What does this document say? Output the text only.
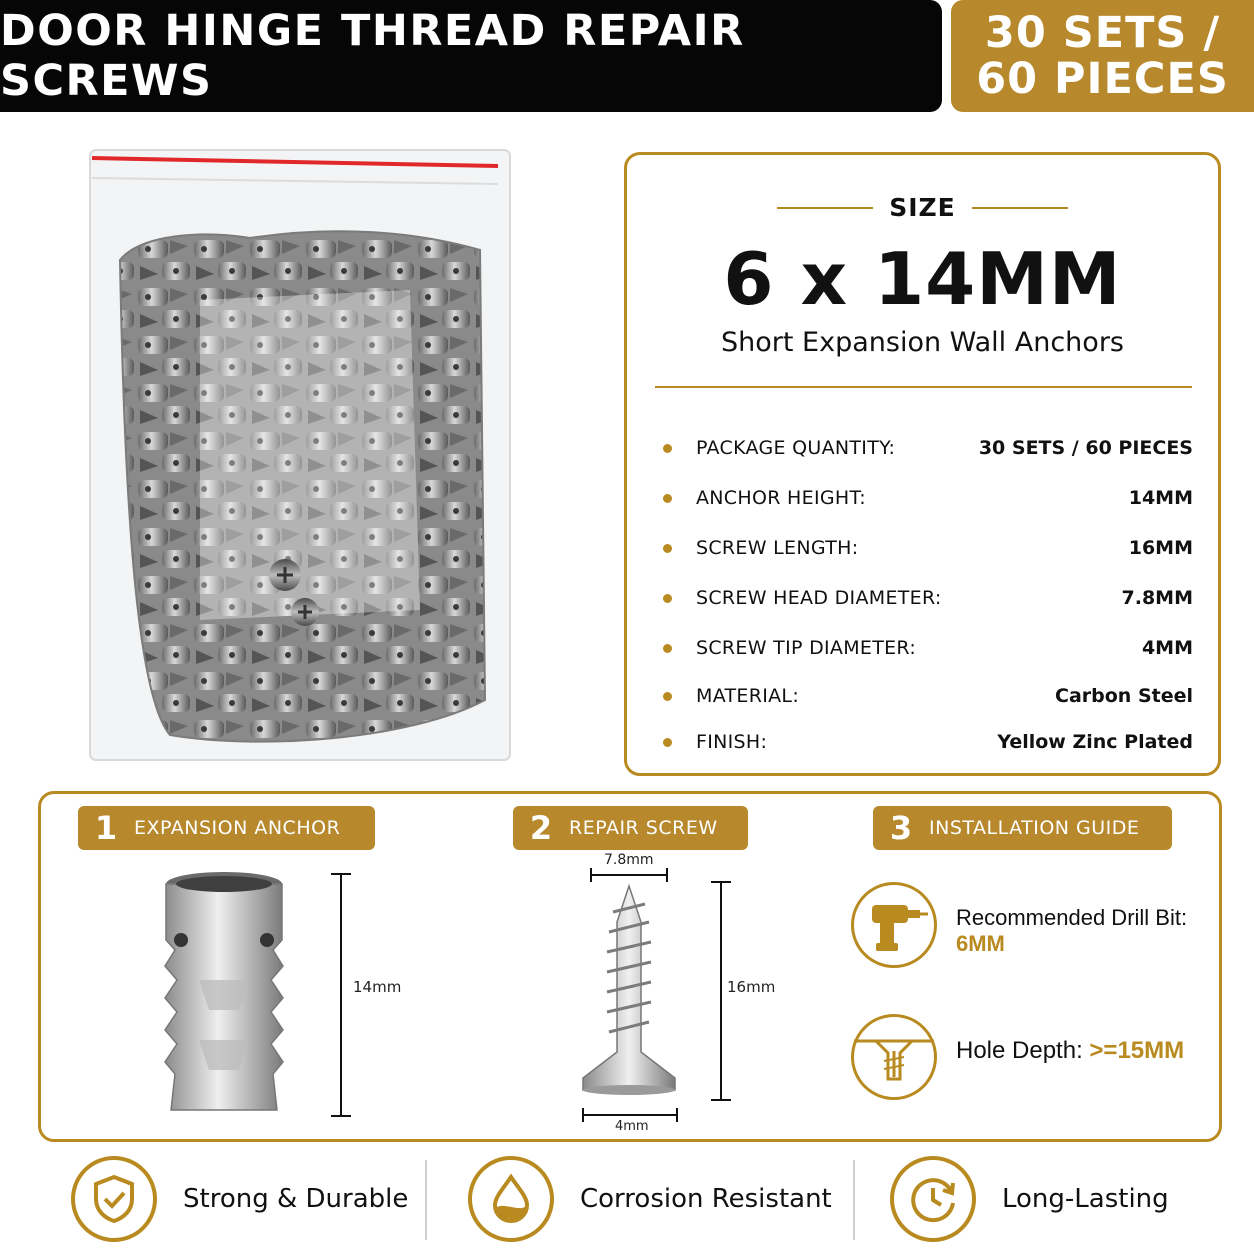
DOOR HINGE THREAD REPAIR SCREWS
30 SETS /
60 PIECES
SIZE
6 x 14MM
Short Expansion Wall Anchors
PACKAGE QUANTITY:	30 SETS / 60 PIECES
ANCHOR HEIGHT:	14MM
SCREW LENGTH:	16MM
SCREW HEAD DIAMETER:	7.8MM
SCREW TIP DIAMETER:	4MM
MATERIAL:	Carbon Steel
FINISH:	Yellow Zinc Plated
1 EXPANSION ANCHOR
14mm
2 REPAIR SCREW
7.8mm
16mm
4mm
3 INSTALLATION GUIDE
Recommended Drill Bit: 6MM
Hole Depth: >=15MM
Strong & Durable	Corrosion Resistant	Long-Lasting
